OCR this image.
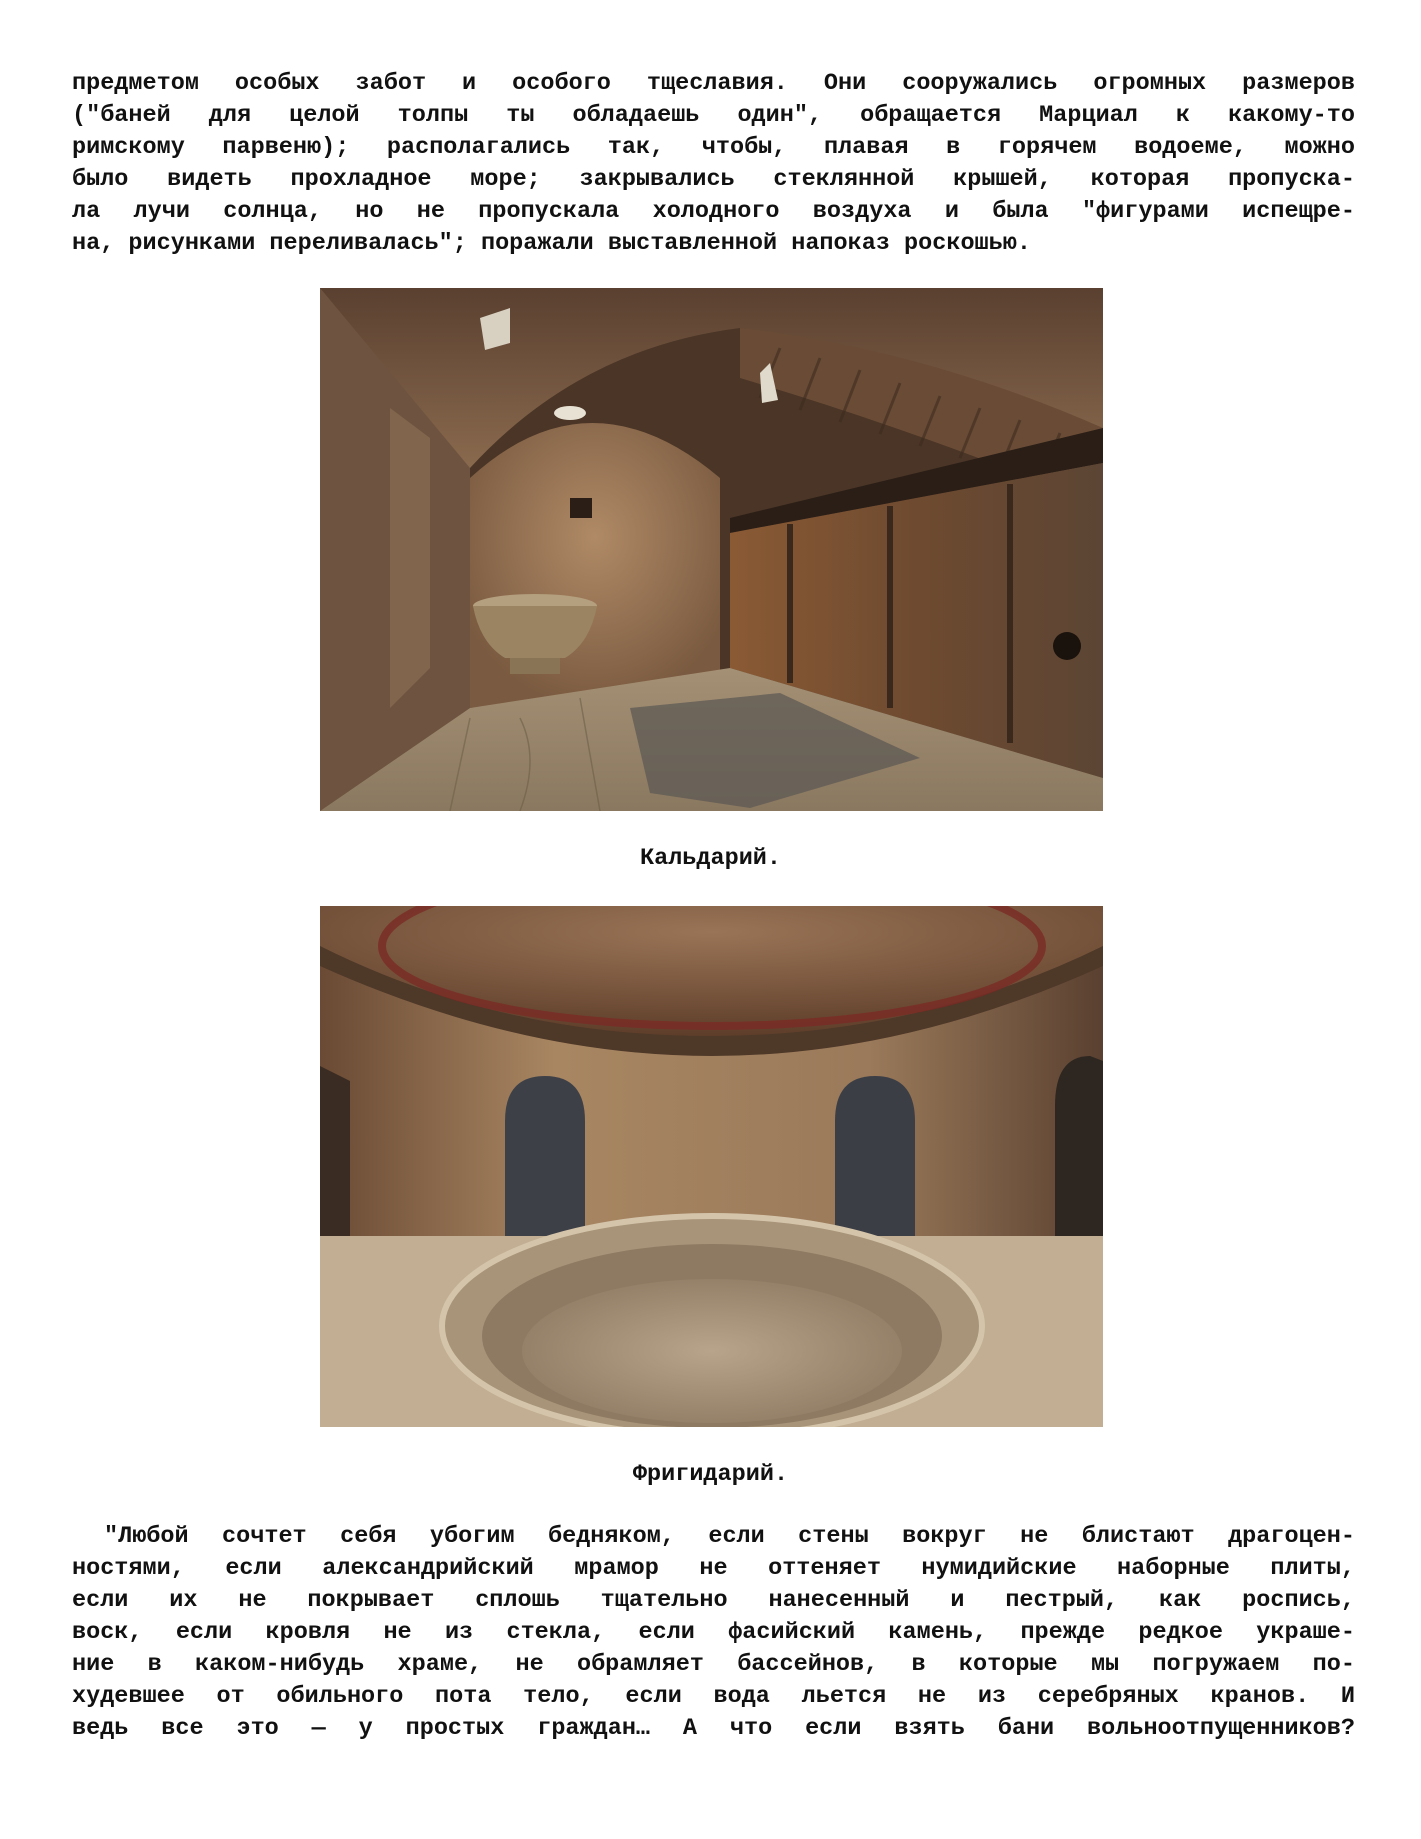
предметом особых забот и особого тщеславия. Они сооружались огромных размеров
("баней для целой толпы ты обладаешь один", обращается Марциал к какому-то
римскому парвеню); располагались так, чтобы, плавая в горячем водоеме, можно
было видеть прохладное море; закрывались стеклянной крышей, которая пропуска-
ла лучи солнца, но не пропускала холодного воздуха и была "фигурами испещре-
на, рисунками переливалась"; поражали выставленной напоказ роскошью.
Кальдарий.
Фригидарий.
"Любой сочтет себя убогим бедняком, если стены вокруг не блистают драгоцен-
ностями, если александрийский мрамор не оттеняет нумидийские наборные плиты,
если их не покрывает сплошь тщательно нанесенный и пестрый, как роспись,
воск, если кровля не из стекла, если фасийский камень, прежде редкое украше-
ние в каком-нибудь храме, не обрамляет бассейнов, в которые мы погружаем по-
худевшее от обильного пота тело, если вода льется не из серебряных кранов. И
ведь все это — у простых граждан… А что если взять бани вольноотпущенников?
